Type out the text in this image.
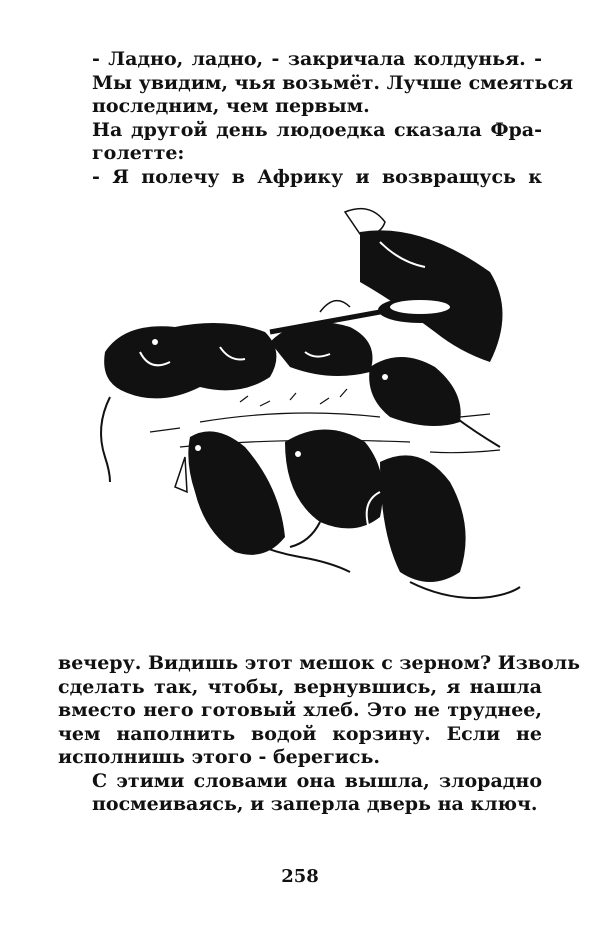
- Ладно, ладно, - закричала колдунья. -
Мы увидим, чья возьмёт. Лучше смеяться
последним, чем первым.

На другой день людоедка сказала Фра-
голетте:

- Я полечу в Африку и возвращусь к

вечеру. Видишь этот мешок с зерном? Изволь
сделать так, чтобы, вернувшись, я нашла
вместо него готовый хлеб. Это не труднее,
чем наполнить водой корзину. Если не
исполнишь этого - берегись.

С этими словами она вышла, злорадно
посмеиваясь, и заперла дверь на ключ.

258
